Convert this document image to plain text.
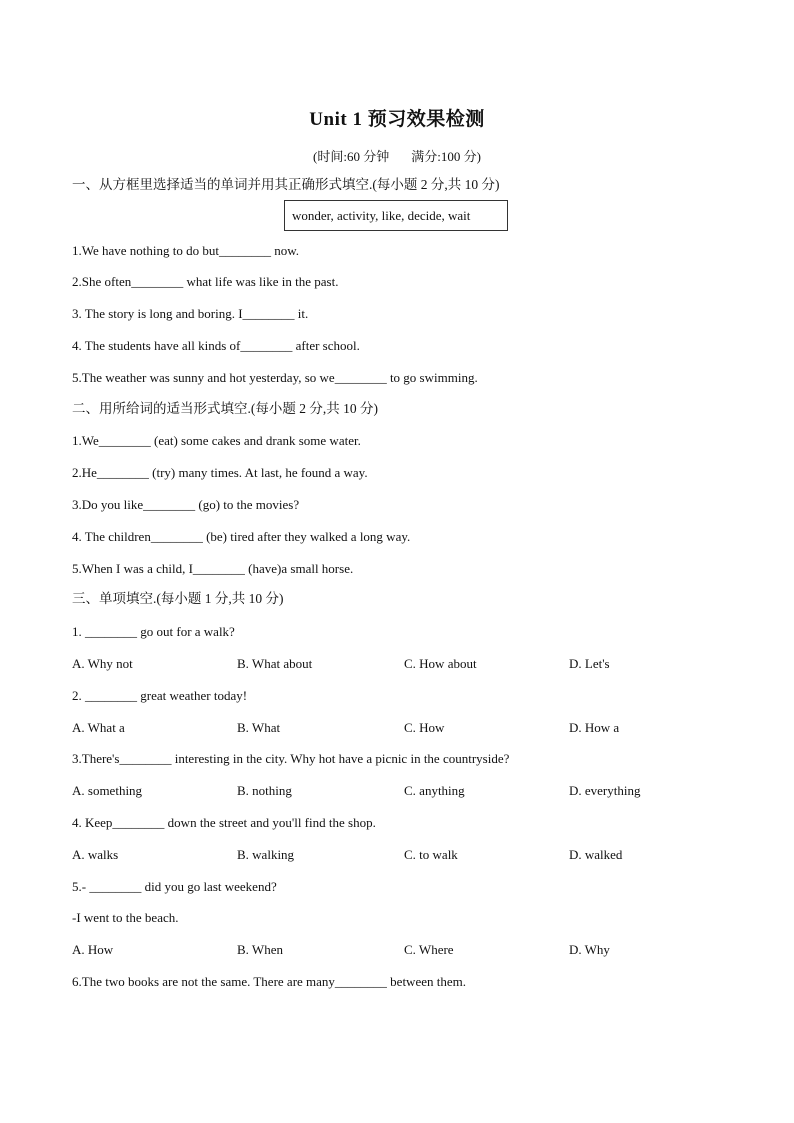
Unit 1 预习效果检测
(时间:60 分钟 满分:100 分)
一、从方框里选择适当的单词并用其正确形式填空.(每小题 2 分,共 10 分)
wonder, activity, like, decide, wait
1.We have nothing to do but________ now.
2.She often________ what life was like in the past.
3. The story is long and boring. I________ it.
4. The students have all kinds of________ after school.
5.The weather was sunny and hot yesterday, so we________ to go swimming.
二、用所给词的适当形式填空.(每小题 2 分,共 10 分)
1.We________ (eat) some cakes and drank some water.
2.He________ (try) many times. At last, he found a way.
3.Do you like________ (go) to the movies?
4. The children________ (be) tired after they walked a long way.
5.When I was a child, I________ (have)a small horse.
三、单项填空.(每小题 1 分,共 10 分)
1. ________ go out for a walk?
A. Why not	B. What about	C. How about	D. Let's
2. ________ great weather today!
A. What a	B. What	C. How	D. How a
3.There's________ interesting in the city. Why hot have a picnic in the countryside?
A. something	B. nothing	C. anything	D. everything
4. Keep________ down the street and you'll find the shop.
A. walks	B. walking	C. to walk	D. walked
5.- ________ did you go last weekend?
-I went to the beach.
A. How	B. When	C. Where	D. Why
6.The two books are not the same. There are many________ between them.
